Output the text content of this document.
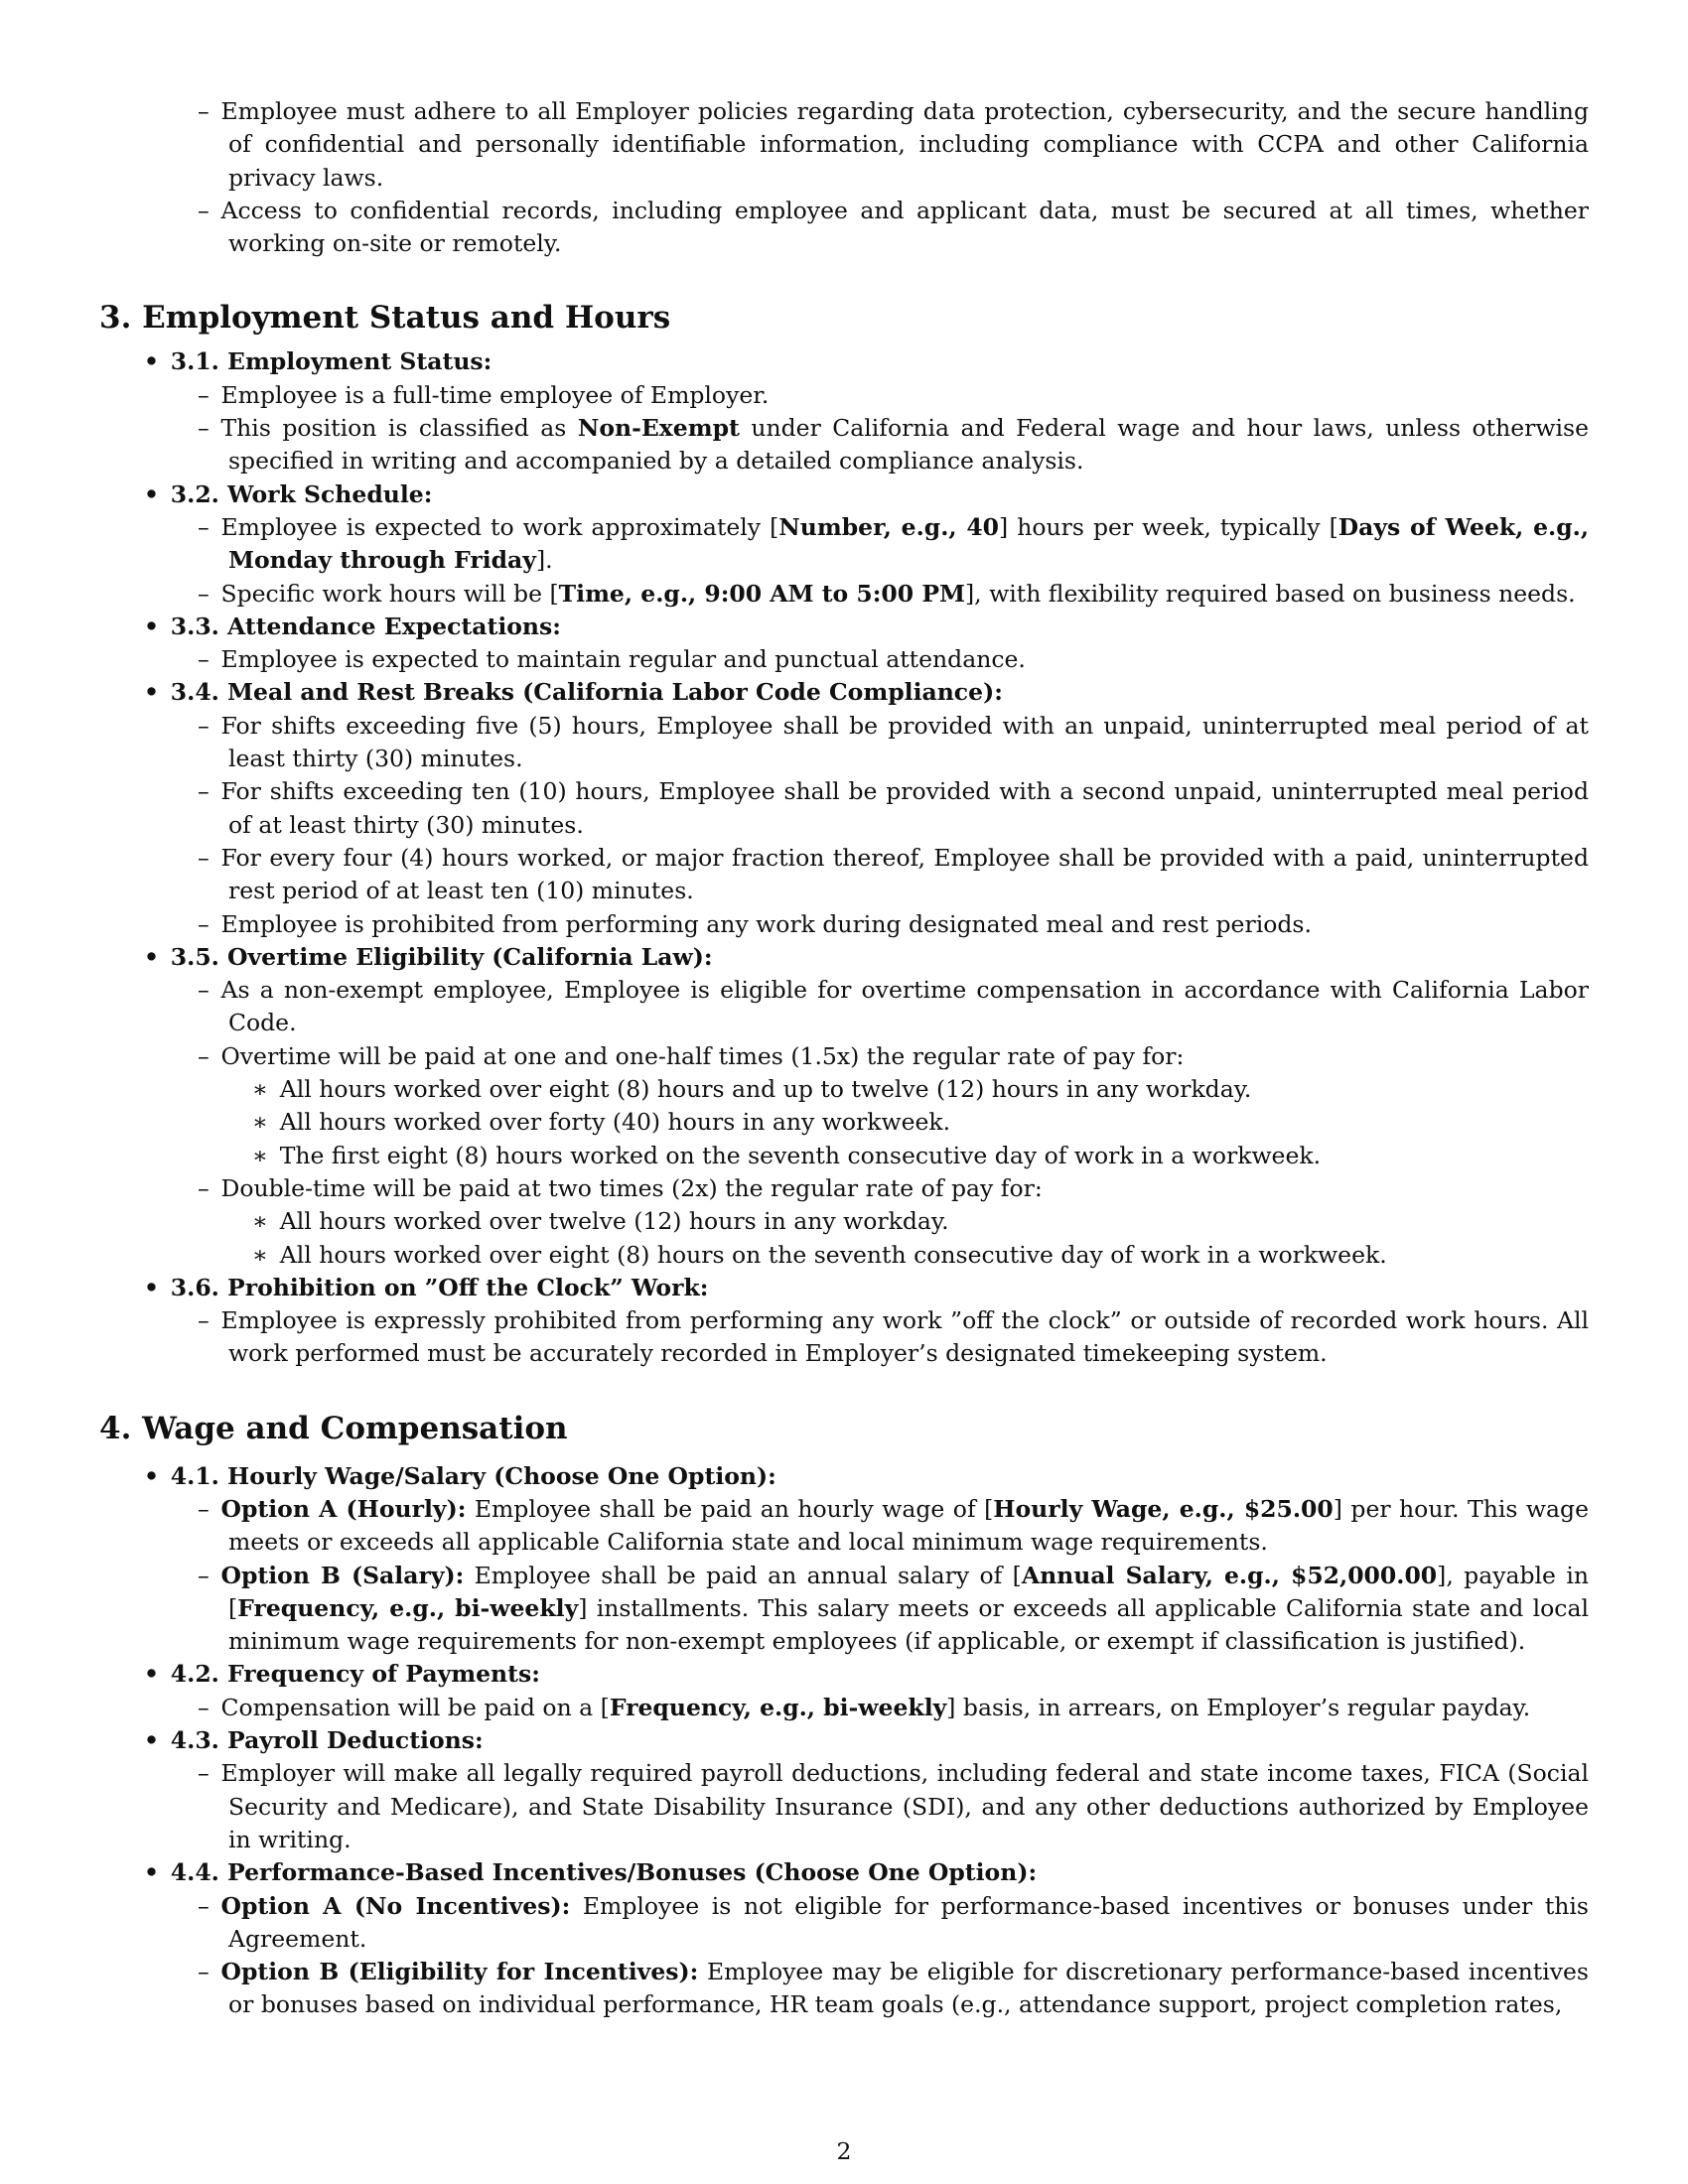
–  Employee must adhere to all Employer policies regarding data protection, cybersecurity, and the secure handling of confidential and personally identifiable information, including compliance with CCPA and other California privacy laws.

–  Access to confidential records, including employee and applicant data, must be secured at all times, whether working on-site or remotely.

3. Employment Status and Hours

•  3.1. Employment Status:

–  Employee is a full-time employee of Employer.

–  This position is classified as Non-Exempt under California and Federal wage and hour laws, unless otherwise specified in writing and accompanied by a detailed compliance analysis.

•  3.2. Work Schedule:

–  Employee is expected to work approximately [Number, e.g., 40] hours per week, typically [Days of Week, e.g., Monday through Friday].

–  Specific work hours will be [Time, e.g., 9:00 AM to 5:00 PM], with flexibility required based on business needs.

•  3.3. Attendance Expectations:

–  Employee is expected to maintain regular and punctual attendance.

•  3.4. Meal and Rest Breaks (California Labor Code Compliance):

–  For shifts exceeding five (5) hours, Employee shall be provided with an unpaid, uninterrupted meal period of at least thirty (30) minutes.

–  For shifts exceeding ten (10) hours, Employee shall be provided with a second unpaid, uninterrupted meal period of at least thirty (30) minutes.

–  For every four (4) hours worked, or major fraction thereof, Employee shall be provided with a paid, uninterrupted rest period of at least ten (10) minutes.

–  Employee is prohibited from performing any work during designated meal and rest periods.

•  3.5. Overtime Eligibility (California Law):

–  As a non-exempt employee, Employee is eligible for overtime compensation in accordance with California Labor Code.

–  Overtime will be paid at one and one-half times (1.5x) the regular rate of pay for:

∗  All hours worked over eight (8) hours and up to twelve (12) hours in any workday.

∗  All hours worked over forty (40) hours in any workweek.

∗  The first eight (8) hours worked on the seventh consecutive day of work in a workweek.

–  Double-time will be paid at two times (2x) the regular rate of pay for:

∗  All hours worked over twelve (12) hours in any workday.

∗  All hours worked over eight (8) hours on the seventh consecutive day of work in a workweek.

•  3.6. Prohibition on ”Off the Clock” Work:

–  Employee is expressly prohibited from performing any work ”off the clock” or outside of recorded work hours. All work performed must be accurately recorded in Employer’s designated timekeeping system.

4. Wage and Compensation

•  4.1. Hourly Wage/Salary (Choose One Option):

–  Option A (Hourly): Employee shall be paid an hourly wage of [Hourly Wage, e.g., $25.00] per hour. This wage meets or exceeds all applicable California state and local minimum wage requirements.

–  Option B (Salary): Employee shall be paid an annual salary of [Annual Salary, e.g., $52,000.00], payable in [Frequency, e.g., bi-weekly] installments. This salary meets or exceeds all applicable California state and local minimum wage requirements for non-exempt employees (if applicable, or exempt if classification is justified).

•  4.2. Frequency of Payments:

–  Compensation will be paid on a [Frequency, e.g., bi-weekly] basis, in arrears, on Employer’s regular payday.

•  4.3. Payroll Deductions:

–  Employer will make all legally required payroll deductions, including federal and state income taxes, FICA (Social Security and Medicare), and State Disability Insurance (SDI), and any other deductions authorized by Employee in writing.

•  4.4. Performance-Based Incentives/Bonuses (Choose One Option):

–  Option A (No Incentives): Employee is not eligible for performance-based incentives or bonuses under this Agreement.

–  Option B (Eligibility for Incentives): Employee may be eligible for discretionary performance-based incentives or bonuses based on individual performance, HR team goals (e.g., attendance support, project completion rates,

2
